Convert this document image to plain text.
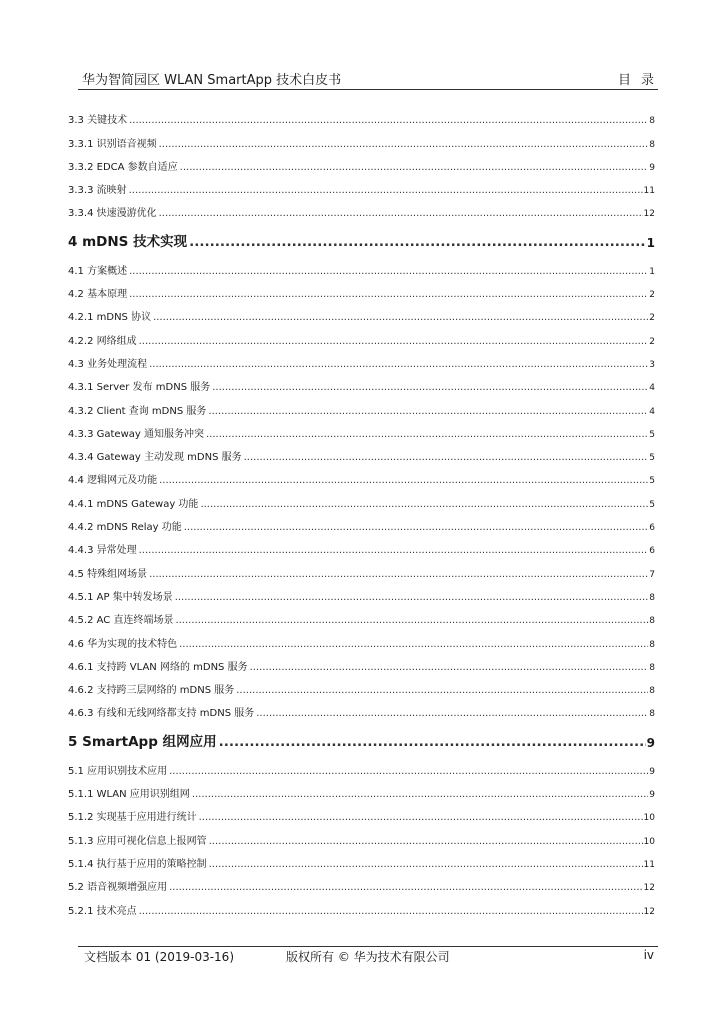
华为智简园区 WLAN SmartApp 技术白皮书	目录
3.3 关键技术 .....	8
3.3.1 识别语音视频 .....	8
3.3.2 EDCA 参数自适应 .....	9
3.3.3 流映射 .....	11
3.3.4 快速漫游优化 .....	12
4 mDNS 技术实现 .....	1
4.1 方案概述 .....	1
4.2 基本原理 .....	2
4.2.1 mDNS 协议 .....	2
4.2.2 网络组成 .....	2
4.3 业务处理流程 .....	3
4.3.1 Server 发布 mDNS 服务 .....	4
4.3.2 Client 查询 mDNS 服务 .....	4
4.3.3 Gateway 通知服务冲突 .....	5
4.3.4 Gateway 主动发现 mDNS 服务 .....	5
4.4 逻辑网元及功能 .....	5
4.4.1 mDNS Gateway 功能 .....	5
4.4.2 mDNS Relay 功能 .....	6
4.4.3 异常处理 .....	6
4.5 特殊组网场景 .....	7
4.5.1 AP 集中转发场景 .....	8
4.5.2 AC 直连终端场景 .....	8
4.6 华为实现的技术特色 .....	8
4.6.1 支持跨 VLAN 网络的 mDNS 服务 .....	8
4.6.2 支持跨三层网络的 mDNS 服务 .....	8
4.6.3 有线和无线网络都支持 mDNS 服务 .....	8
5 SmartApp 组网应用 .....	9
5.1 应用识别技术应用 .....	9
5.1.1 WLAN 应用识别组网 .....	9
5.1.2 实现基于应用进行统计 .....	10
5.1.3 应用可视化信息上报网管 .....	10
5.1.4 执行基于应用的策略控制 .....	11
5.2 语音视频增强应用 .....	12
5.2.1 技术亮点 .....	12
文档版本 01 (2019-03-16)	版权所有 © 华为技术有限公司	iv
